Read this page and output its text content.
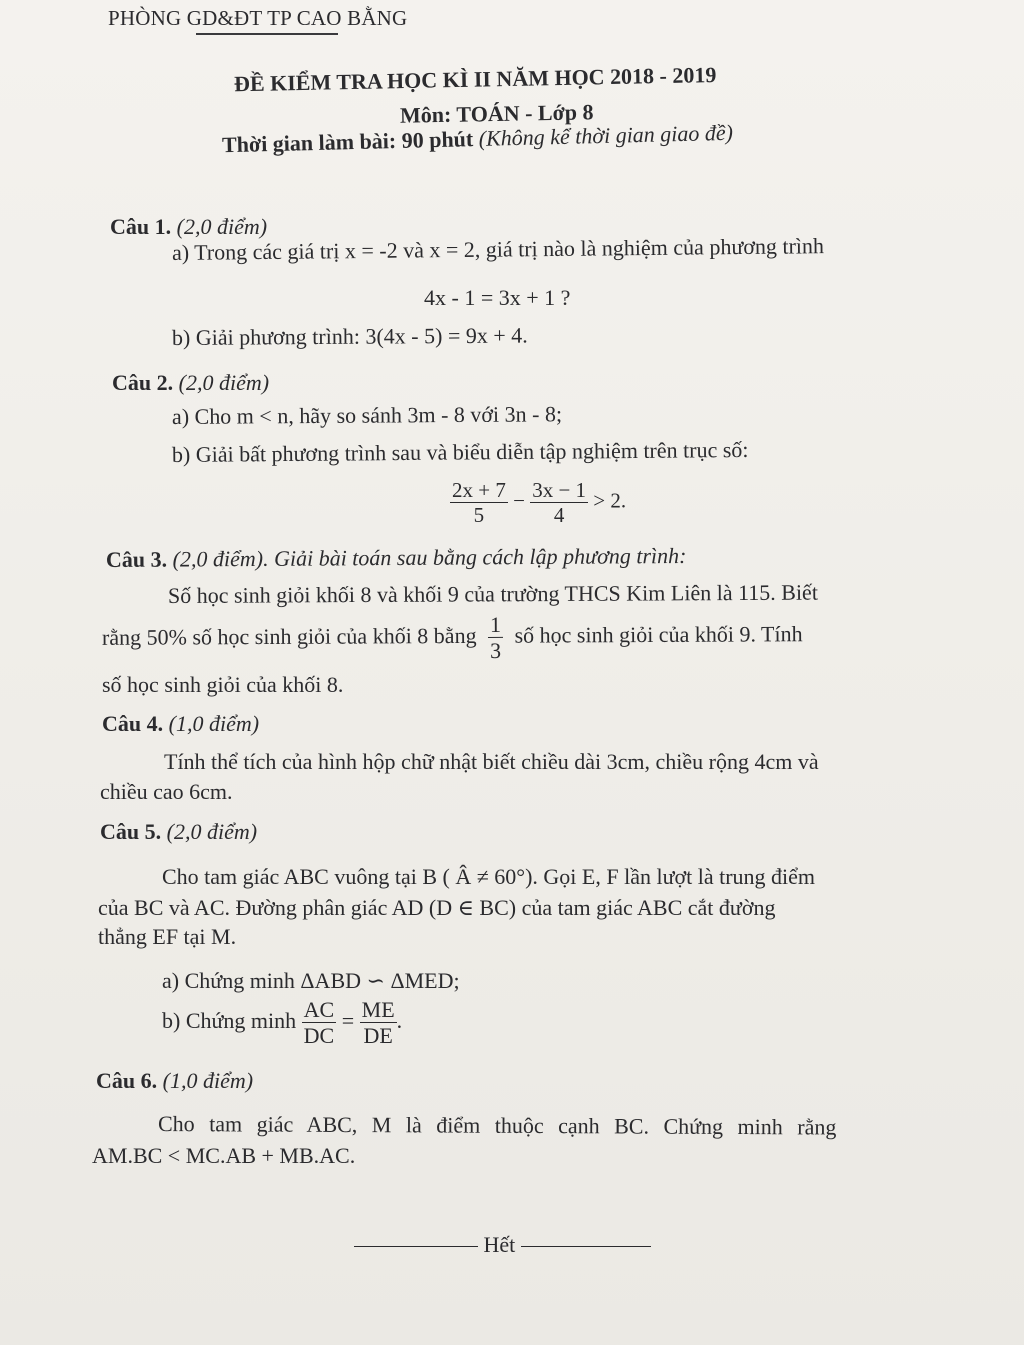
PHÒNG GD&ĐT TP CAO BẰNG
ĐỀ KIỂM TRA HỌC KÌ II NĂM HỌC 2018 - 2019
Môn: TOÁN - Lớp 8
Thời gian làm bài: 90 phút (Không kể thời gian giao đề)
Câu 1. (2,0 điểm)
a) Trong các giá trị x = -2 và x = 2, giá trị nào là nghiệm của phương trình
4x - 1 = 3x + 1 ?
b) Giải phương trình: 3(4x - 5) = 9x + 4.
Câu 2. (2,0 điểm)
a) Cho m < n, hãy so sánh 3m - 8 với 3n - 8;
b) Giải bất phương trình sau và biểu diễn tập nghiệm trên trục số:
$\frac{2x + 7}{5} - \frac{3x - 1}{4} > 2$.
Câu 3. (2,0 điểm). Giải bài toán sau bằng cách lập phương trình:
Số học sinh giỏi khối 8 và khối 9 của trường THCS Kim Liên là 115. Biết
rằng 50% số học sinh giỏi của khối 8 bằng $\frac{1}{3}$ số học sinh giỏi của khối 9. Tính
số học sinh giỏi của khối 8.
Câu 4. (1,0 điểm)
Tính thể tích của hình hộp chữ nhật biết chiều dài 3cm, chiều rộng 4cm và
chiều cao 6cm.
Câu 5. (2,0 điểm)
Cho tam giác ABC vuông tại B ( Â ≠ 60°). Gọi E, F lần lượt là trung điểm
của BC và AC. Đường phân giác AD (D ∈ BC) của tam giác ABC cắt đường
thẳng EF tại M.
a) Chứng minh ΔABD ∽ ΔMED;
b) Chứng minh $\frac{AC}{DC} = \frac{ME}{DE}$ .
Câu 6. (1,0 điểm)
Cho tam giác ABC, M là điểm thuộc cạnh BC. Chứng minh rằng
AM.BC < MC.AB + MB.AC.
Hết
